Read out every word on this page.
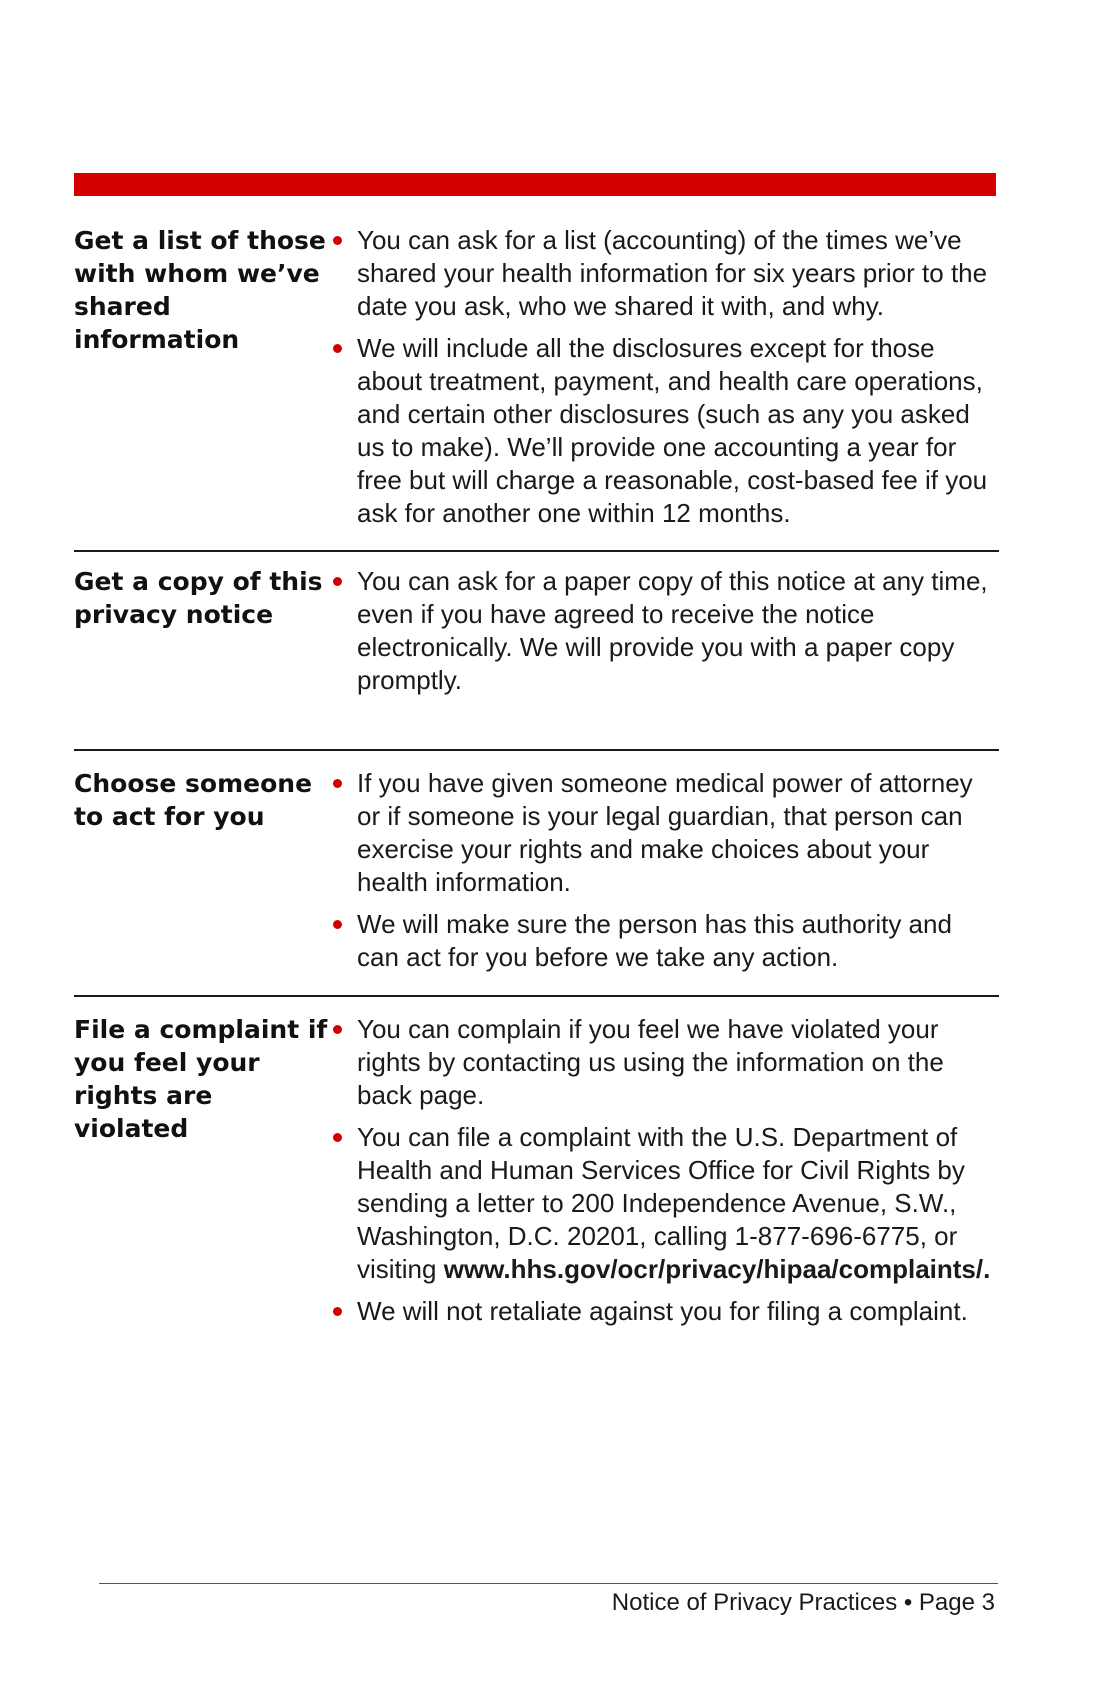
Get a list of those with whom we’ve shared information
You can ask for a list (accounting) of the times we’ve shared your health information for six years prior to the date you ask, who we shared it with, and why.
We will include all the disclosures except for those about treatment, payment, and health care operations, and certain other disclosures (such as any you asked us to make). We’ll provide one accounting a year for free but will charge a reasonable, cost-based fee if you ask for another one within 12 months.
Get a copy of this privacy notice
You can ask for a paper copy of this notice at any time, even if you have agreed to receive the notice electronically. We will provide you with a paper copy promptly.
Choose someone to act for you
If you have given someone medical power of attorney or if someone is your legal guardian, that person can exercise your rights and make choices about your health information.
We will make sure the person has this authority and can act for you before we take any action.
File a complaint if you feel your rights are violated
You can complain if you feel we have violated your rights by contacting us using the information on the back page.
You can file a complaint with the U.S. Department of Health and Human Services Office for Civil Rights by sending a letter to 200 Independence Avenue, S.W., Washington, D.C. 20201, calling 1-877-696-6775, or visiting www.hhs.gov/ocr/privacy/hipaa/complaints/.
We will not retaliate against you for filing a complaint.
Notice of Privacy Practices • Page 3
